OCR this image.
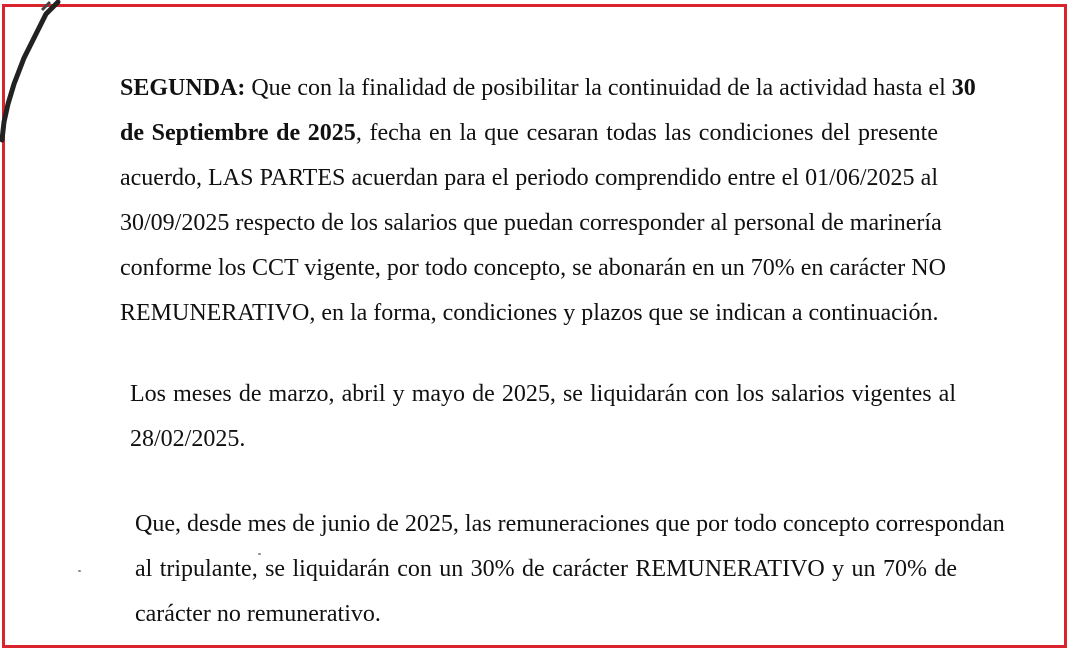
SEGUNDA: Que con la finalidad de posibilitar la continuidad de la actividad hasta el 30
de Septiembre de 2025, fecha en la que cesaran todas las condiciones del presente
acuerdo, LAS PARTES acuerdan para el periodo comprendido entre el 01/06/2025 al
30/09/2025 respecto de los salarios que puedan corresponder al personal de marinería
conforme los CCT vigente, por todo concepto, se abonarán en un 70% en carácter NO
REMUNERATIVO, en la forma, condiciones y plazos que se indican a continuación.
Los meses de marzo, abril y mayo de 2025, se liquidarán con los salarios vigentes al
28/02/2025.
Que, desde mes de junio de 2025, las remuneraciones que por todo concepto correspondan
al tripulante, se liquidarán con un 30% de carácter REMUNERATIVO y un 70% de
carácter no remunerativo.
